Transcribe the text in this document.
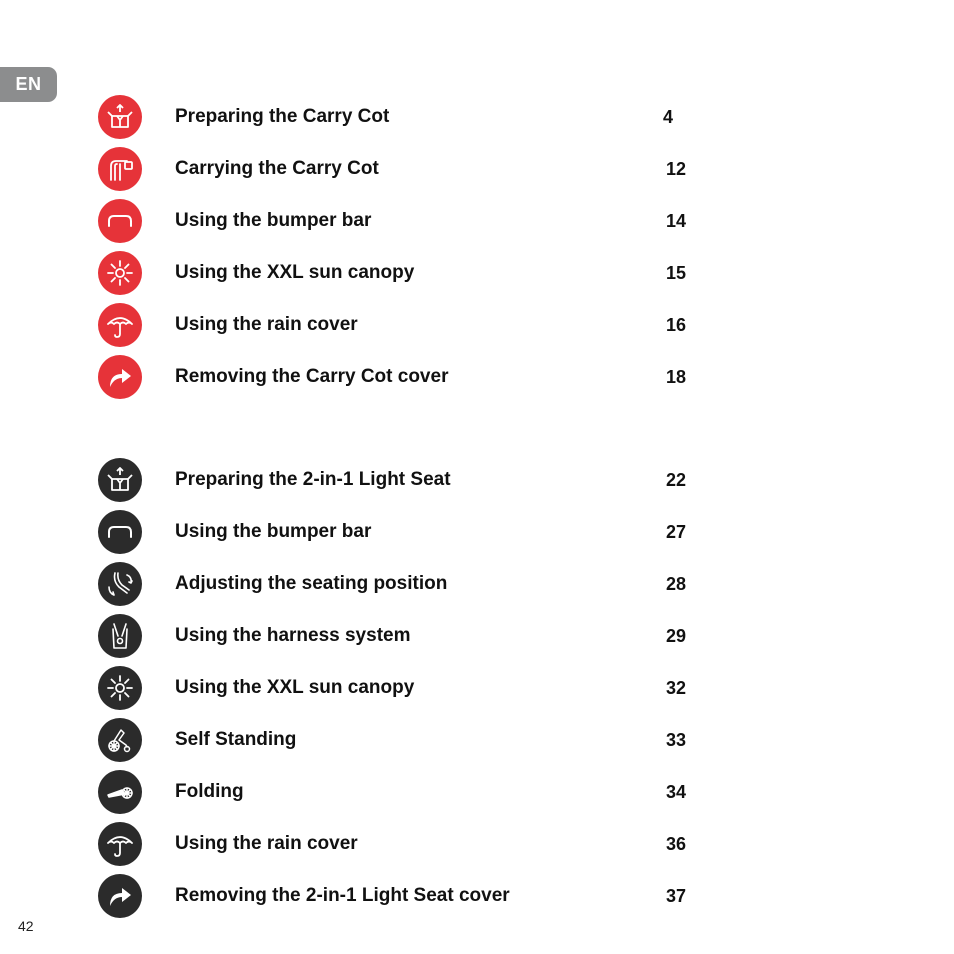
EN
Preparing the Carry Cot	4
Carrying the Carry Cot	12
Using the bumper bar	14
Using the XXL sun canopy	15
Using the rain cover	16
Removing the Carry Cot cover	18
Preparing the 2-in-1 Light Seat	22
Using the bumper bar	27
Adjusting the seating position	28
Using the harness system	29
Using the XXL sun canopy	32
Self Standing	33
Folding	34
Using the rain cover	36
Removing the 2-in-1 Light Seat cover	37
42
